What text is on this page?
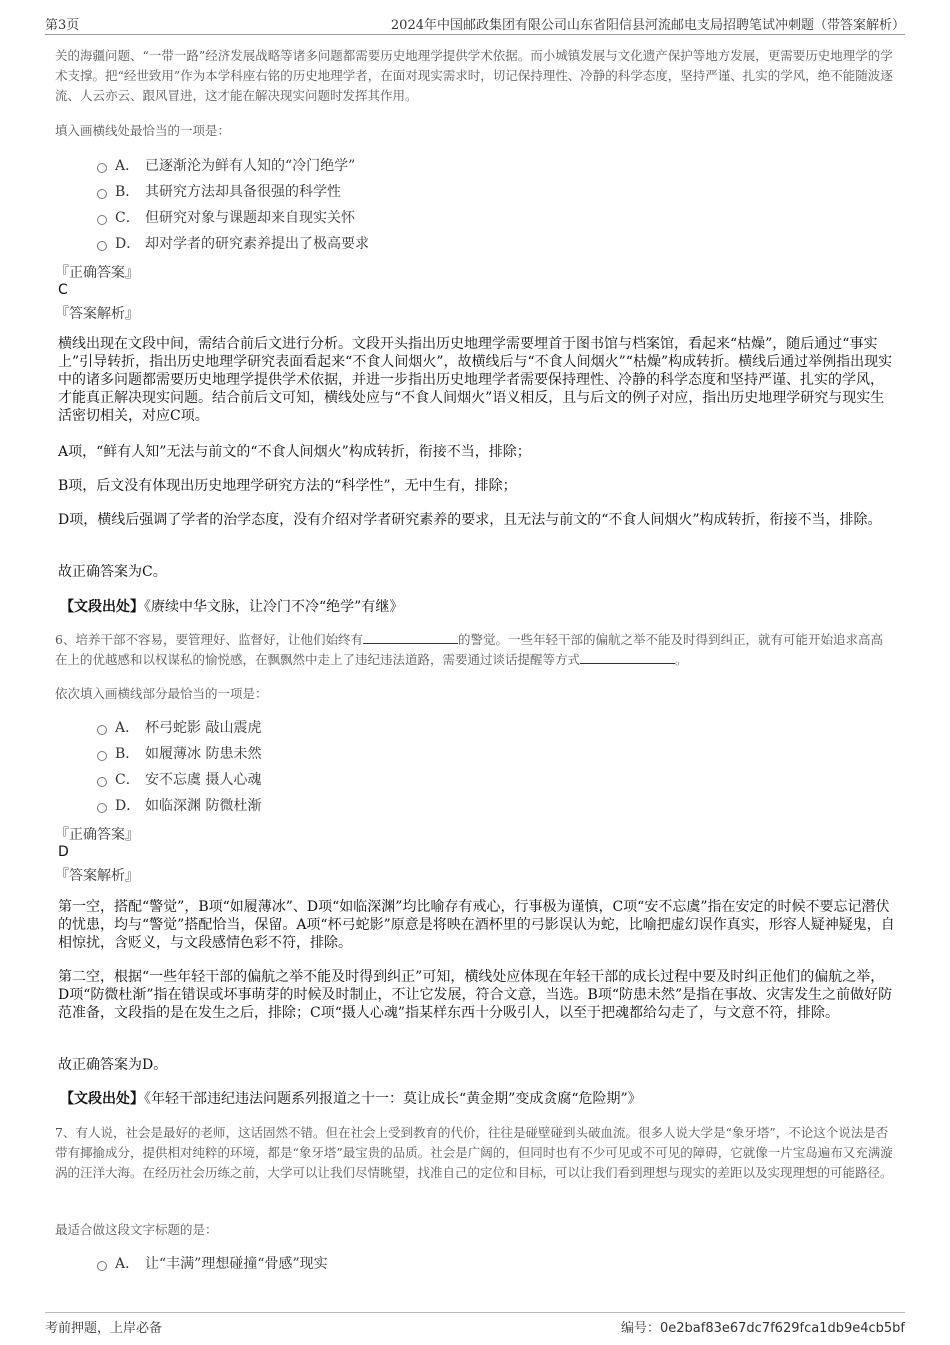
第3页	2024年中国邮政集团有限公司山东省阳信县河流邮电支局招聘笔试冲刺题（带答案解析）
关的海疆问题、“一带一路”经济发展战略等诸多问题都需要历史地理学提供学术依据。而小城镇发展与文化遗产保护等地方发展，更需要历史地理学的学术支撑。把“经世致用”作为本学科座右铭的历史地理学者，在面对现实需求时，切记保持理性、冷静的科学态度，坚持严谨、扎实的学风，绝不能随波逐流、人云亦云、跟风冒进，这才能在解决现实问题时发挥其作用。
填入画横线处最恰当的一项是：
A． 已逐渐沦为鲜有人知的“冷门绝学”
B． 其研究方法却具备很强的科学性
C． 但研究对象与课题却来自现实关怀
D． 却对学者的研究素养提出了极高要求
『正确答案』
C
『答案解析』
横线出现在文段中间，需结合前后文进行分析。文段开头指出历史地理学需要埋首于图书馆与档案馆，看起来“枯燥”，随后通过“事实上”引导转折，指出历史地理学研究表面看起来“不食人间烟火”，故横线后与“不食人间烟火”“枯燥”构成转折。横线后通过举例指出现实中的诸多问题都需要历史地理学提供学术依据，并进一步指出历史地理学者需要保持理性、冷静的科学态度和坚持严谨、扎实的学风，才能真正解决现实问题。结合前后文可知，横线处应与“不食人间烟火”语义相反，且与后文的例子对应，指出历史地理学研究与现实生活密切相关，对应C项。
A项，“鲜有人知”无法与前文的“不食人间烟火”构成转折，衔接不当，排除；
B项，后文没有体现出历史地理学研究方法的“科学性”，无中生有，排除；
D项，横线后强调了学者的治学态度，没有介绍对学者研究素养的要求，且无法与前文的“不食人间烟火”构成转折，衔接不当，排除。
故正确答案为C。
【文段出处】《赓续中华文脉，让冷门不冷“绝学”有继》
6、培养干部不容易，要管理好、监督好，让他们始终有	的警觉。一些年轻干部的偏航之举不能及时得到纠正，就有可能开始追求高高在上的优越感和以权谋私的愉悦感，在飘飘然中走上了违纪违法道路，需要通过谈话提醒等方式	。
依次填入画横线部分最恰当的一项是：
A． 杯弓蛇影 敲山震虎
B． 如履薄冰 防患未然
C． 安不忘虞 摄人心魂
D． 如临深渊 防微杜渐
『正确答案』
D
『答案解析』
第一空，搭配“警觉”，B项“如履薄冰”、D项“如临深渊”均比喻存有戒心，行事极为谨慎，C项“安不忘虞”指在安定的时候不要忘记潜伏的忧患，均与“警觉”搭配恰当，保留。A项“杯弓蛇影”原意是将映在酒杯里的弓影误认为蛇，比喻把虚幻误作真实，形容人疑神疑鬼，自相惊扰，含贬义，与文段感情色彩不符，排除。
第二空，根据“一些年轻干部的偏航之举不能及时得到纠正”可知，横线处应体现在年轻干部的成长过程中要及时纠正他们的偏航之举，D项“防微杜渐”指在错误或坏事萌芽的时候及时制止，不让它发展，符合文意，当选。B项“防患未然”是指在事故、灾害发生之前做好防范准备，文段指的是在发生之后，排除；C项“摄人心魂”指某样东西十分吸引人，以至于把魂都给勾走了，与文意不符，排除。
故正确答案为D。
【文段出处】《年轻干部违纪违法问题系列报道之十一：莫让成长“黄金期”变成贪腐“危险期”》
7、有人说，社会是最好的老师，这话固然不错。但在社会上受到教育的代价，往往是碰壁碰到头破血流。很多人说大学是“象牙塔”，不论这个说法是否带有揶揄成分，提供相对纯粹的环境，都是“象牙塔”最宝贵的品质。社会是广阔的，但同时也有不少可见或不可见的障碍，它就像一片宝岛遍布又充满漩涡的汪洋大海。在经历社会历练之前，大学可以让我们尽情眺望，找准自己的定位和目标，可以让我们看到理想与现实的差距以及实现理想的可能路径。
最适合做这段文字标题的是：
A． 让“丰满”理想碰撞“骨感”现实
考前押题，上岸必备	编号：0e2baf83e67dc7f629fca1db9e4cb5bf
